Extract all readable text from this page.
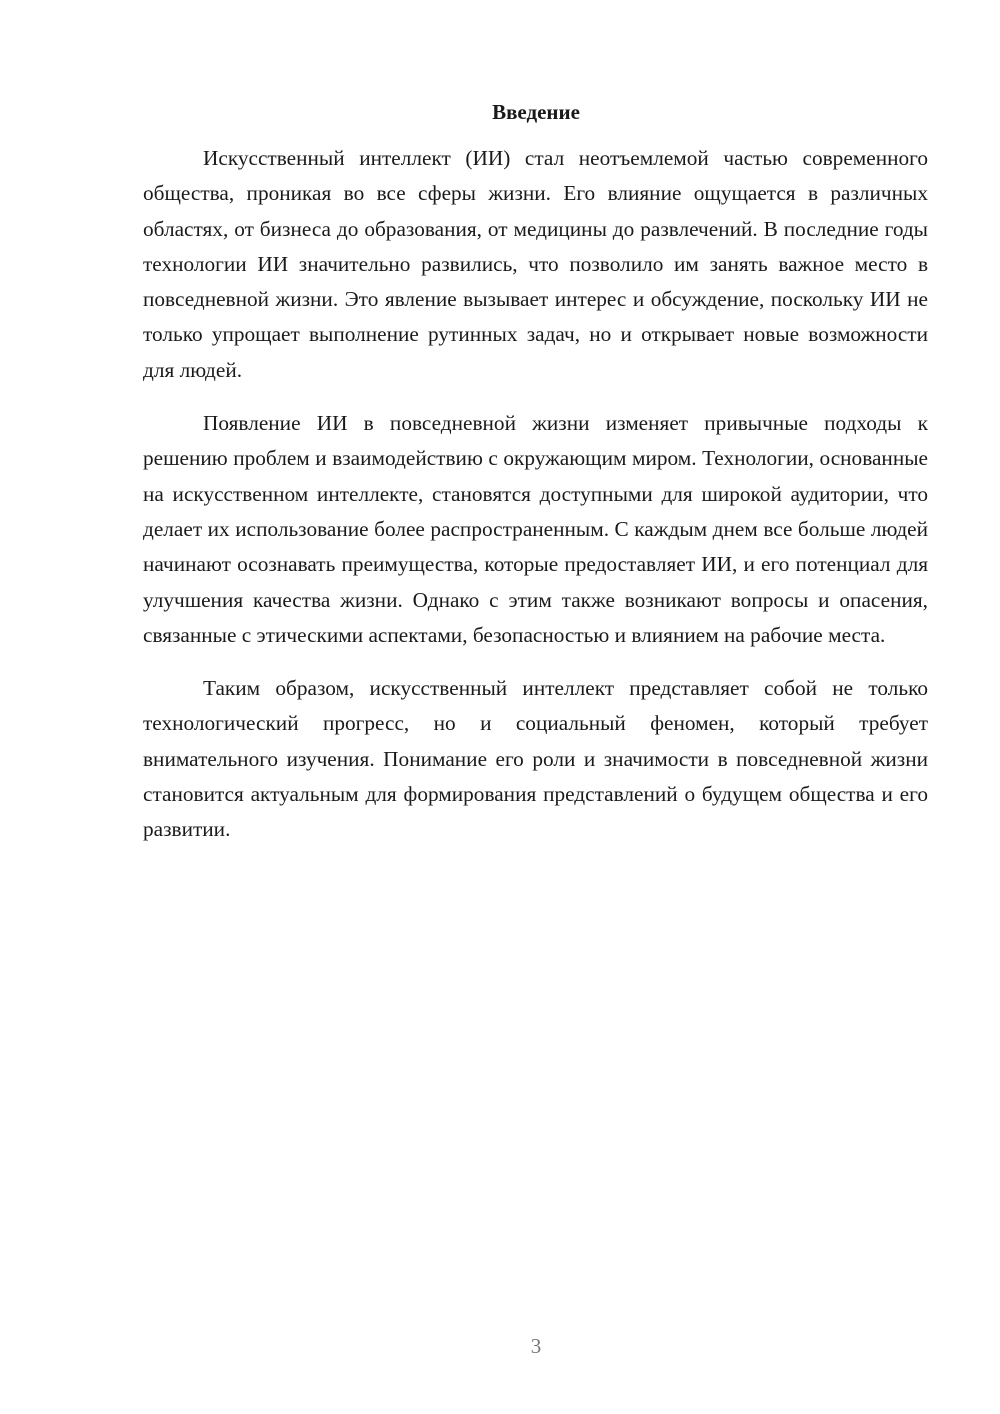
Введение

Искусственный интеллект (ИИ) стал неотъемлемой частью современного общества, проникая во все сферы жизни. Его влияние ощущается в различных областях, от бизнеса до образования, от медицины до развлечений. В последние годы технологии ИИ значительно развились, что позволило им занять важное место в повседневной жизни. Это явление вызывает интерес и обсуждение, поскольку ИИ не только упрощает выполнение рутинных задач, но и открывает новые возможности для людей.

Появление ИИ в повседневной жизни изменяет привычные подходы к решению проблем и взаимодействию с окружающим миром. Технологии, основанные на искусственном интеллекте, становятся доступными для широкой аудитории, что делает их использование более распространенным. С каждым днем все больше людей начинают осознавать преимущества, которые предоставляет ИИ, и его потенциал для улучшения качества жизни. Однако с этим также возникают вопросы и опасения, связанные с этическими аспектами, безопасностью и влиянием на рабочие места.

Таким образом, искусственный интеллект представляет собой не только технологический прогресс, но и социальный феномен, который требует внимательного изучения. Понимание его роли и значимости в повседневной жизни становится актуальным для формирования представлений о будущем общества и его развитии.

3
